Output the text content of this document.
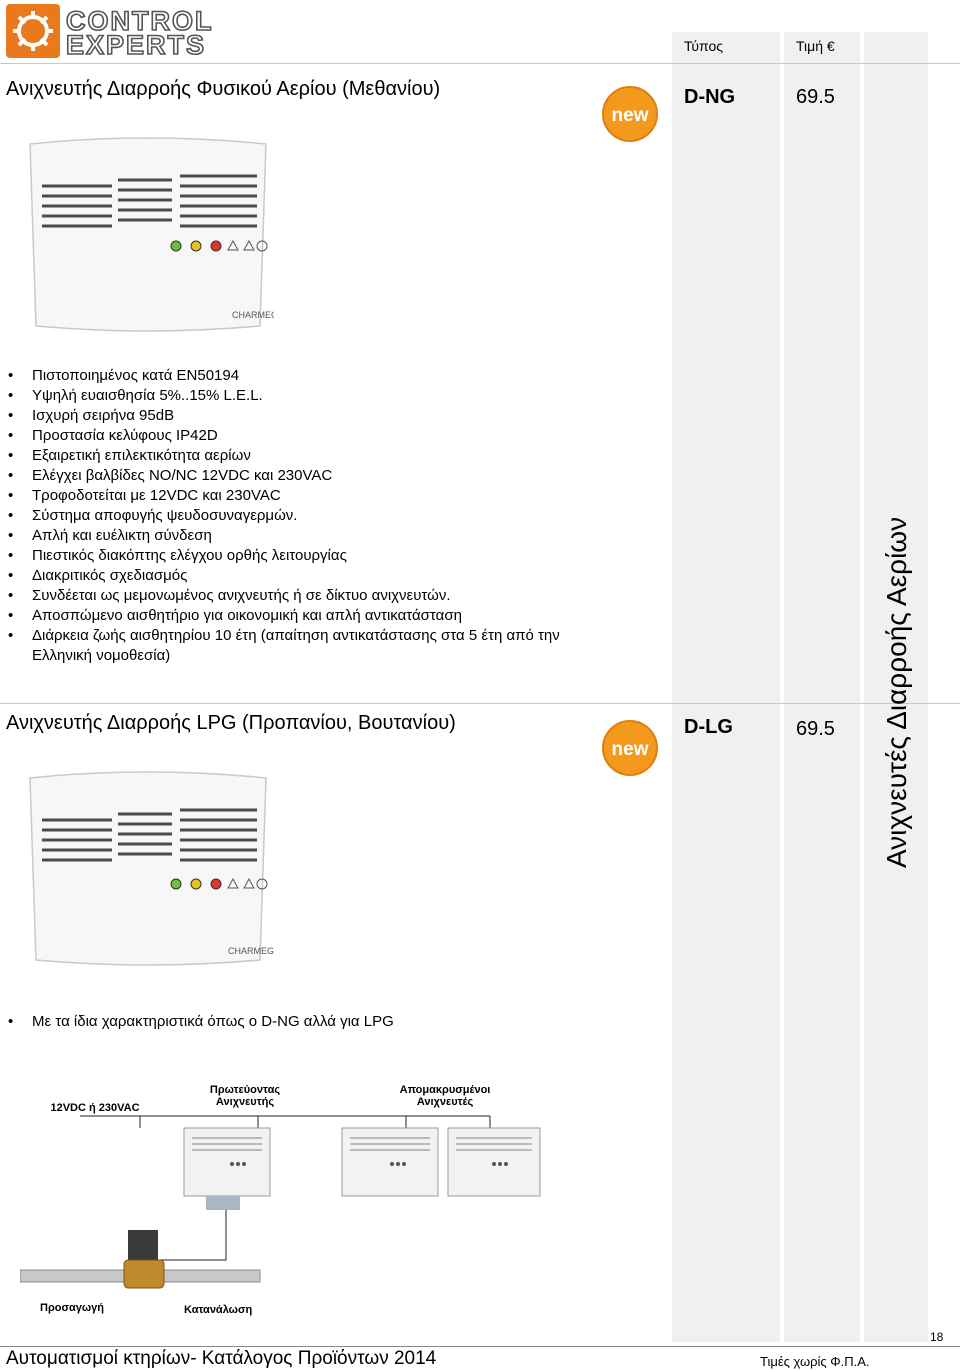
CONTROL
EXPERTS	Τύπος	Τιμή €
Ανιχνευτής Διαρροής Φυσικού Αερίου (Μεθανίου)
new
D-NG	69.5
CHARMEG
• Πιστοποιημένος κατά EN50194
• Υψηλή ευαισθησία 5%..15% L.E.L.
• Ισχυρή σειρήνα 95dB
• Προστασία κελύφους IP42D
• Εξαιρετική επιλεκτικότητα αερίων
• Ελέγχει βαλβίδες NO/NC 12VDC και 230VAC
• Τροφοδοτείται με 12VDC και 230VAC
• Σύστημα αποφυγής ψευδοσυναγερμών.
• Απλή και ευέλικτη σύνδεση
• Πιεστικός διακόπτης ελέγχου ορθής λειτουργίας
• Διακριτικός σχεδιασμός
• Συνδέεται ως μεμονωμένος ανιχνευτής ή σε δίκτυο ανιχνευτών.
• Αποσπώμενο αισθητήριο για οικονομική και απλή αντικατάσταση
• Διάρκεια ζωής αισθητηρίου 10 έτη (απαίτηση αντικατάστασης στα 5 έτη από την Ελληνική νομοθεσία)
Ανιχνευτής Διαρροής LPG (Προπανίου, Βουτανίου)
new
D-LG	69.5
CHARMEG
• Με τα ίδια χαρακτηριστικά όπως ο D-NG αλλά για LPG
12VDC ή 230VAC
Πρωτεύοντας Ανιχνευτής
Απομακρυσμένοι Ανιχνευτές
Προσαγωγή	Κατανάλωση
Ανιχνευτές Διαρροής Αερίων
18
Αυτοματισμοί κτηρίων- Κατάλογος Προϊόντων 2014	Τιμές χωρίς Φ.Π.Α.
